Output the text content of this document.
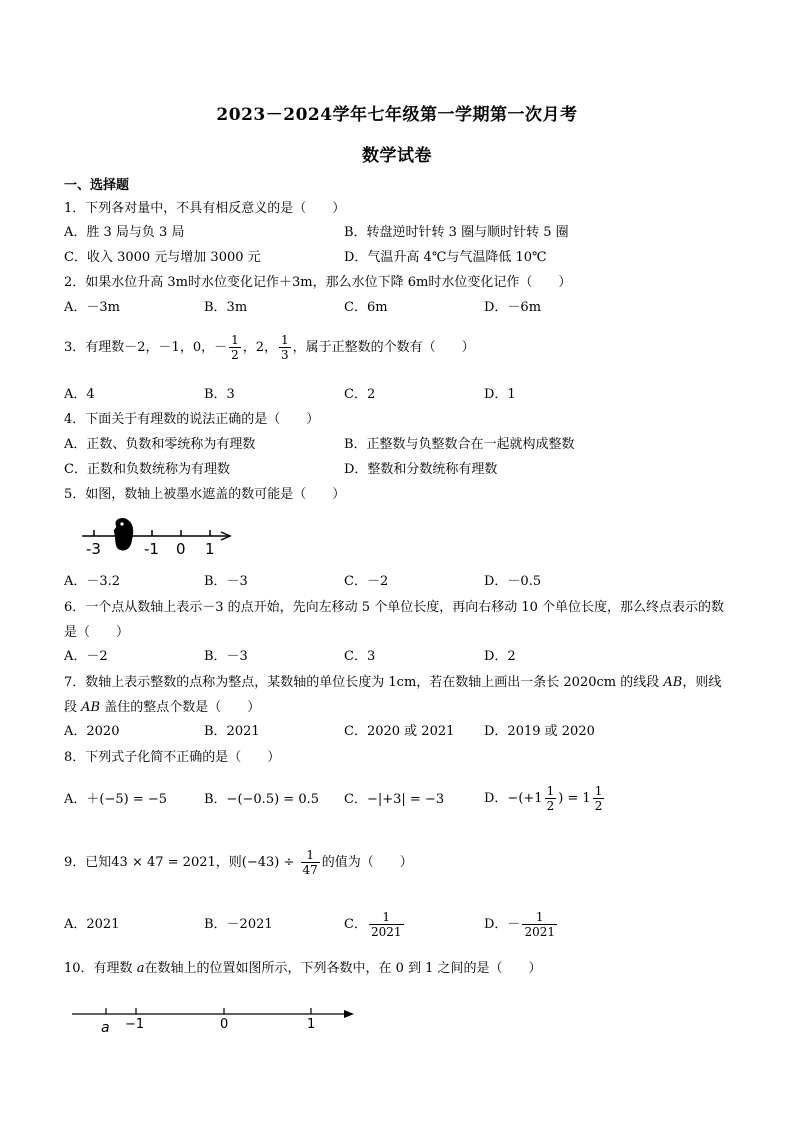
2023－2024学年七年级第一学期第一次月考
数学试卷
一、选择题
1．下列各对量中，不具有相反意义的是（　　）
A．胜 3 局与负 3 局	B．转盘逆时针转 3 圈与顺时针转 5 圈
C．收入 3000 元与增加 3000 元	D．气温升高 4℃与气温降低 10℃
2．如果水位升高 3m时水位变化记作＋3m，那么水位下降 6m时水位变化记作（　　）
A．－3m	B．3m	C．6m	D．－6m
3．有理数－2，－1，0，－ $\frac{1}{2}$ ，2， $\frac{1}{3}$ ，属于正整数的个数有（　　）
A．4	B．3	C．2	D．1
4．下面关于有理数的说法正确的是（　　）
A．正数、负数和零统称为有理数	B．正整数与负整数合在一起就构成整数
C．正数和负数统称为有理数	D．整数和分数统称有理数
5．如图，数轴上被墨水遮盖的数可能是（　　）
-3	-1 0 1
A．－3.2	B．－3	C．－2	D．－0.5
6．一个点从数轴上表示－3 的点开始，先向左移动 5 个单位长度，再向右移动 10 个单位长度，那么终点表示的数是（　　）
A．－2	B．－3	C．3	D．2
7．数轴上表示整数的点称为整点，某数轴的单位长度为 1cm，若在数轴上画出一条长 2020cm 的线段 AB，则线段 AB 盖住的整点个数是（　　）
A．2020	B．2021	C．2020 或 2021 D．2019 或 2020
8．下列式子化简不正确的是（　　）
A．＋(−5) = −5	B．−(−0.5) = 0.5 C．−|+3| = −3	D．$-(+1 \frac{1}{2}$ ) = $1 \frac{1}{2}$
9．已知43 × 47 = 2021，则$(-43) \div \frac{1}{47}$ 的值为（　　）
A．2021	B．－2021	C． $\frac{1}{2021}$	D．－ $\frac{1}{2021}$
10．有理数 a在数轴上的位置如图所示，下列各数中，在 0 到 1 之间的是（　　）
a −1	0	1
